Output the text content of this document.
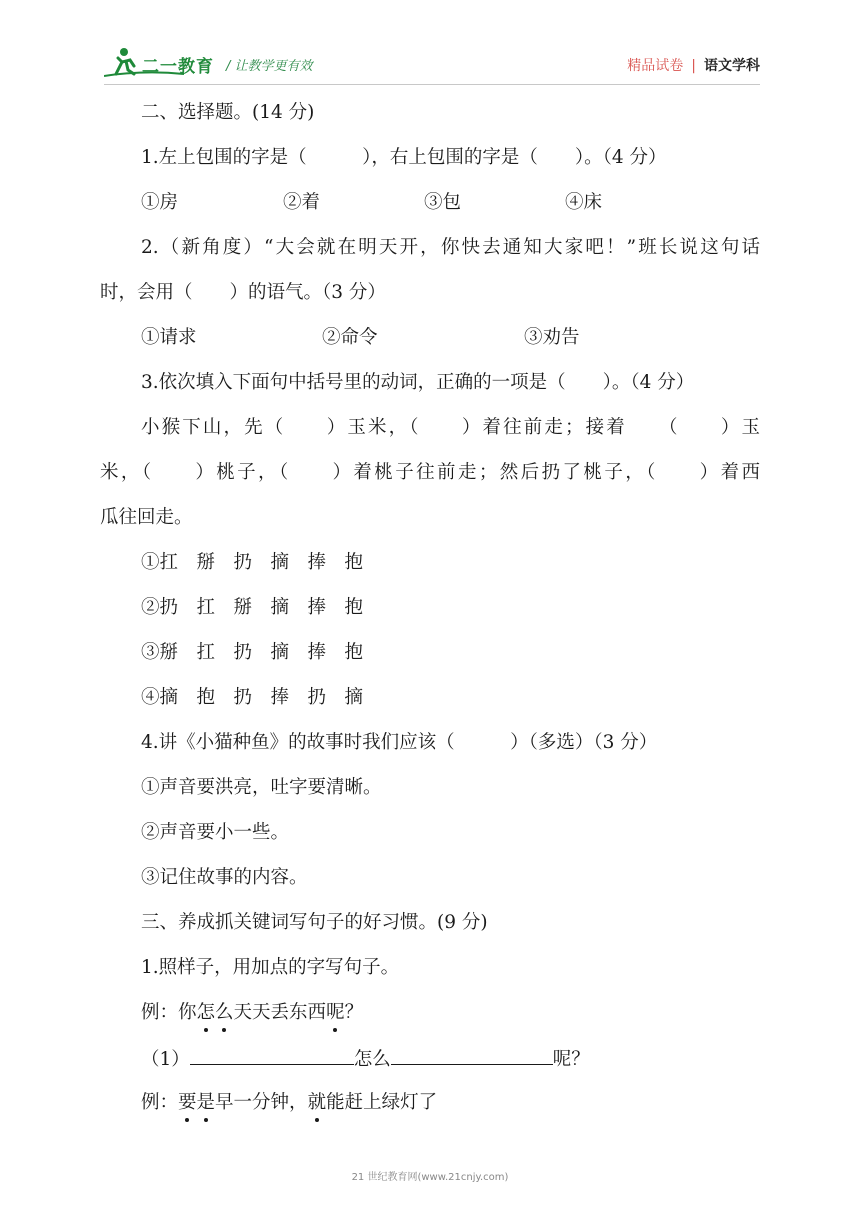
二一教育 / 让教学更有效	精品试卷 | 语文学科
二、选择题。(14 分)
1.左上包围的字是（　　　），右上包围的字是（　　）。（4 分）
①房	②着	③包	④床
2.（新角度）“大会就在明天开，你快去通知大家吧！”班长说这句话
时，会用（　　）的语气。（3 分）
①请求	②命令	③劝告
3.依次填入下面句中括号里的动词，正确的一项是（　　）。（4 分）
小猴下山，先（　　）玉米，（　　）着往前走；接着　　（　　）玉
米，（　　）桃子，（　　）着桃子往前走；然后扔了桃子，（　　）着西
瓜往回走。
①扛　掰　扔　摘　捧　抱
②扔　扛　掰　摘　捧　抱
③掰　扛　扔　摘　捧　抱
④摘　抱　扔　捧　扔　摘
4.讲《小猫种鱼》的故事时我们应该（　　　）（多选）（3 分）
①声音要洪亮，吐字要清晰。
②声音要小一些。
③记住故事的内容。
三、养成抓关键词写句子的好习惯。(9 分)
1.照样子，用加点的字写句子。
例：你怎么天天丢东西呢？
（1）	怎么	呢？
例：要是早一分钟，就能赶上绿灯了
21 世纪教育网(www.21cnjy.com)
